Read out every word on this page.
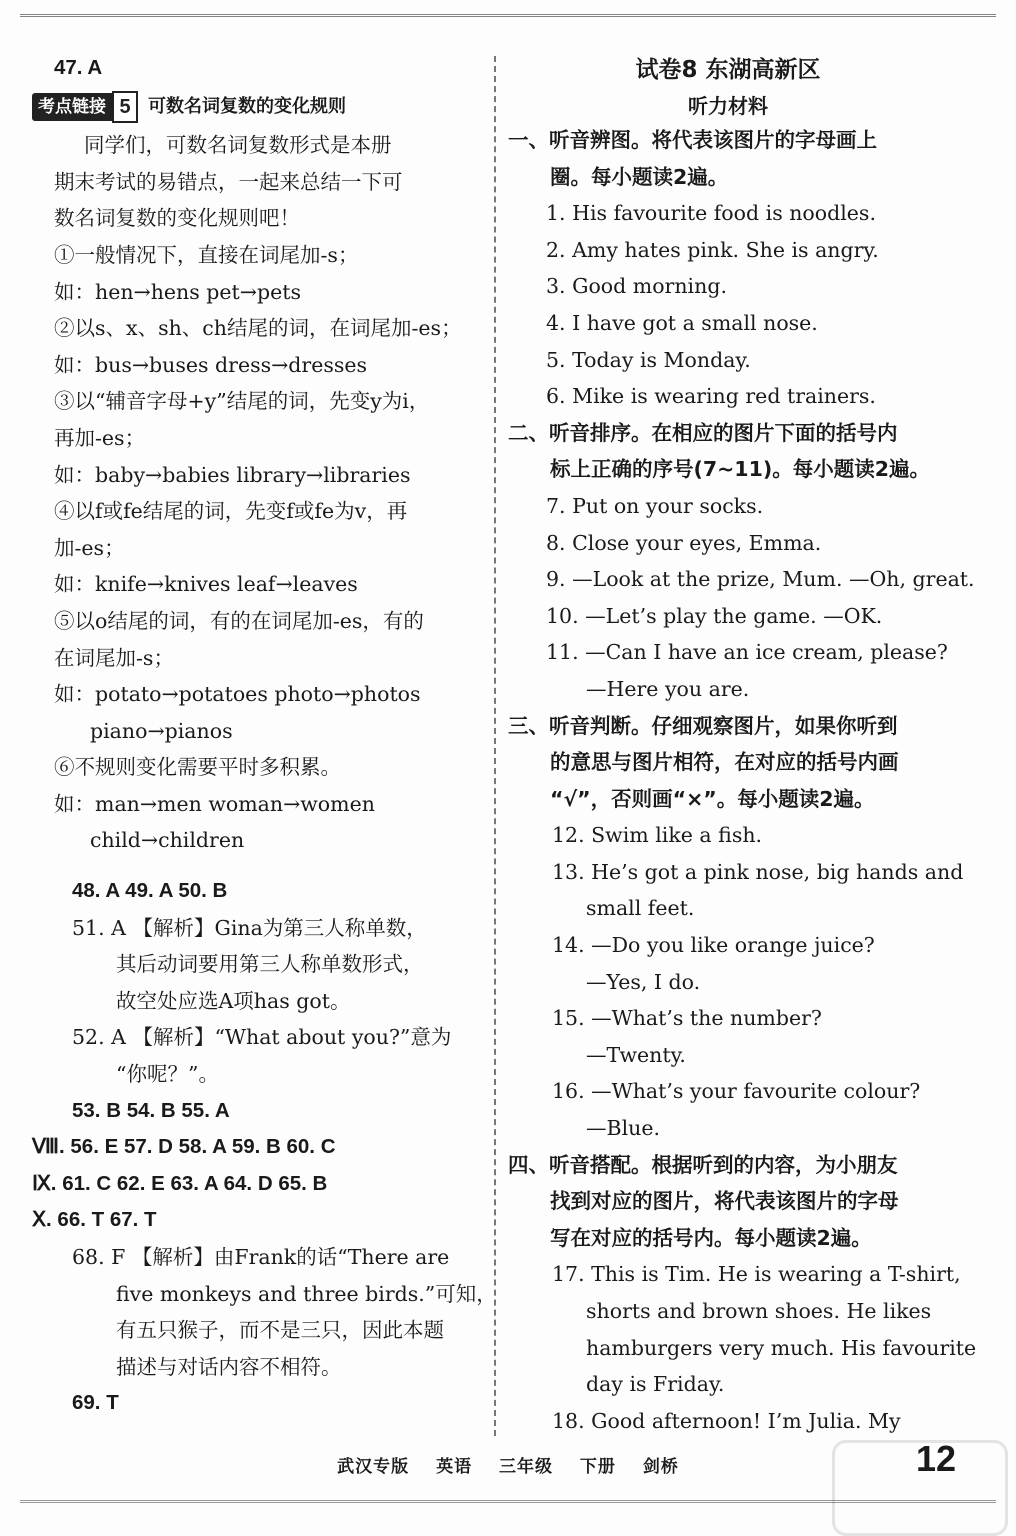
47. A
考点链接 5 可数名词复数的变化规则
同学们，可数名词复数形式是本册
期末考试的易错点，一起来总结一下可
数名词复数的变化规则吧！
①一般情况下，直接在词尾加-s；
如：hen→hens pet→pets
②以s、x、sh、ch结尾的词，在词尾加-es；
如：bus→buses dress→dresses
③以“辅音字母+y”结尾的词，先变y为i，
再加-es；
如：baby→babies library→libraries
④以f或fe结尾的词，先变f或fe为v，再
加-es；
如：knife→knives leaf→leaves
⑤以o结尾的词，有的在词尾加-es，有的
在词尾加-s；
如：potato→potatoes photo→photos
piano→pianos
⑥不规则变化需要平时多积累。
如：man→men woman→women
child→children
48. A 49. A 50. B
51. A 【解析】Gina为第三人称单数，
其后动词要用第三人称单数形式，
故空处应选A项has got。
52. A 【解析】“What about you?”意为
“你呢？”。
53. B 54. B 55. A
Ⅷ. 56. E 57. D 58. A 59. B 60. C
Ⅸ. 61. C 62. E 63. A 64. D 65. B
Ⅹ. 66. T 67. T
68. F 【解析】由Frank的话“There are
five monkeys and three birds.”可知，
有五只猴子，而不是三只，因此本题
描述与对话内容不相符。
69. T
试卷8 东湖高新区
听力材料
一、听音辨图。将代表该图片的字母画上
圈。每小题读2遍。
1. His favourite food is noodles.
2. Amy hates pink. She is angry.
3. Good morning.
4. I have got a small nose.
5. Today is Monday.
6. Mike is wearing red trainers.
二、听音排序。在相应的图片下面的括号内
标上正确的序号(7~11)。每小题读2遍。
7. Put on your socks.
8. Close your eyes, Emma.
9. —Look at the prize, Mum. —Oh, great.
10. —Let’s play the game. —OK.
11. —Can I have an ice cream, please?
—Here you are.
三、听音判断。仔细观察图片，如果你听到
的意思与图片相符，在对应的括号内画
“√”，否则画“×”。每小题读2遍。
12. Swim like a fish.
13. He’s got a pink nose, big hands and
small feet.
14. —Do you like orange juice?
—Yes, I do.
15. —What’s the number?
—Twenty.
16. —What’s your favourite colour?
—Blue.
四、听音搭配。根据听到的内容，为小朋友
找到对应的图片，将代表该图片的字母
写在对应的括号内。每小题读2遍。
17. This is Tim. He is wearing a T-shirt,
shorts and brown shoes. He likes
hamburgers very much. His favourite
day is Friday.
18. Good afternoon! I’m Julia. My
武汉专版 英语 三年级 下册 剑桥	12
